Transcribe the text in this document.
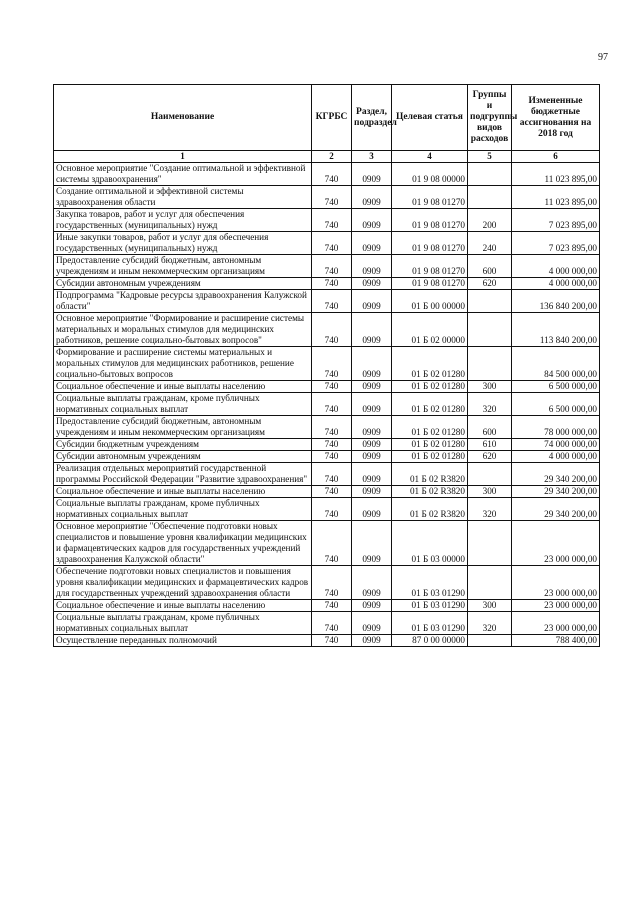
97
Наименование	КГРБС	Раздел, подраздел	Целевая статья	Группы и подгруппы видов расходов	Измененные бюджетные ассигнования на 2018 год
1	2	3	4	5	6
Основное мероприятие "Создание оптимальной и эффективной системы здравоохранения"	740	0909	01 9 08 00000		11 023 895,00
Создание оптимальной и эффективной системы здравоохранения области	740	0909	01 9 08 01270		11 023 895,00
Закупка товаров, работ и услуг для обеспечения государственных (муниципальных) нужд	740	0909	01 9 08 01270	200	7 023 895,00
Иные закупки товаров, работ и услуг для обеспечения государственных (муниципальных) нужд	740	0909	01 9 08 01270	240	7 023 895,00
Предоставление субсидий бюджетным, автономным учреждениям и иным некоммерческим организациям	740	0909	01 9 08 01270	600	4 000 000,00
Субсидии автономным учреждениям	740	0909	01 9 08 01270	620	4 000 000,00
Подпрограмма "Кадровые ресурсы здравоохранения Калужской области"	740	0909	01 Б 00 00000		136 840 200,00
Основное мероприятие "Формирование и расширение системы материальных и моральных стимулов для медицинских работников, решение социально-бытовых вопросов"	740	0909	01 Б 02 00000		113 840 200,00
Формирование и расширение системы материальных и моральных стимулов для медицинских работников, решение социально-бытовых вопросов	740	0909	01 Б 02 01280		84 500 000,00
Социальное обеспечение и иные выплаты населению	740	0909	01 Б 02 01280	300	6 500 000,00
Социальные выплаты гражданам, кроме публичных нормативных социальных выплат	740	0909	01 Б 02 01280	320	6 500 000,00
Предоставление субсидий бюджетным, автономным учреждениям и иным некоммерческим организациям	740	0909	01 Б 02 01280	600	78 000 000,00
Субсидии бюджетным учреждениям	740	0909	01 Б 02 01280	610	74 000 000,00
Субсидии автономным учреждениям	740	0909	01 Б 02 01280	620	4 000 000,00
Реализация отдельных мероприятий государственной программы Российской Федерации "Развитие здравоохранения"	740	0909	01 Б 02 R3820		29 340 200,00
Социальное обеспечение и иные выплаты населению	740	0909	01 Б 02 R3820	300	29 340 200,00
Социальные выплаты гражданам, кроме публичных нормативных социальных выплат	740	0909	01 Б 02 R3820	320	29 340 200,00
Основное мероприятие "Обеспечение подготовки новых специалистов и повышение уровня квалификации медицинских и фармацевтических кадров для государственных учреждений здравоохранения Калужской области"	740	0909	01 Б 03 00000		23 000 000,00
Обеспечение подготовки новых специалистов и повышения уровня квалификации медицинских и фармацевтических кадров для государственных учреждений здравоохранения области	740	0909	01 Б 03 01290		23 000 000,00
Социальное обеспечение и иные выплаты населению	740	0909	01 Б 03 01290	300	23 000 000,00
Социальные выплаты гражданам, кроме публичных нормативных социальных выплат	740	0909	01 Б 03 01290	320	23 000 000,00
Осуществление переданных полномочий	740	0909	87 0 00 00000		788 400,00
